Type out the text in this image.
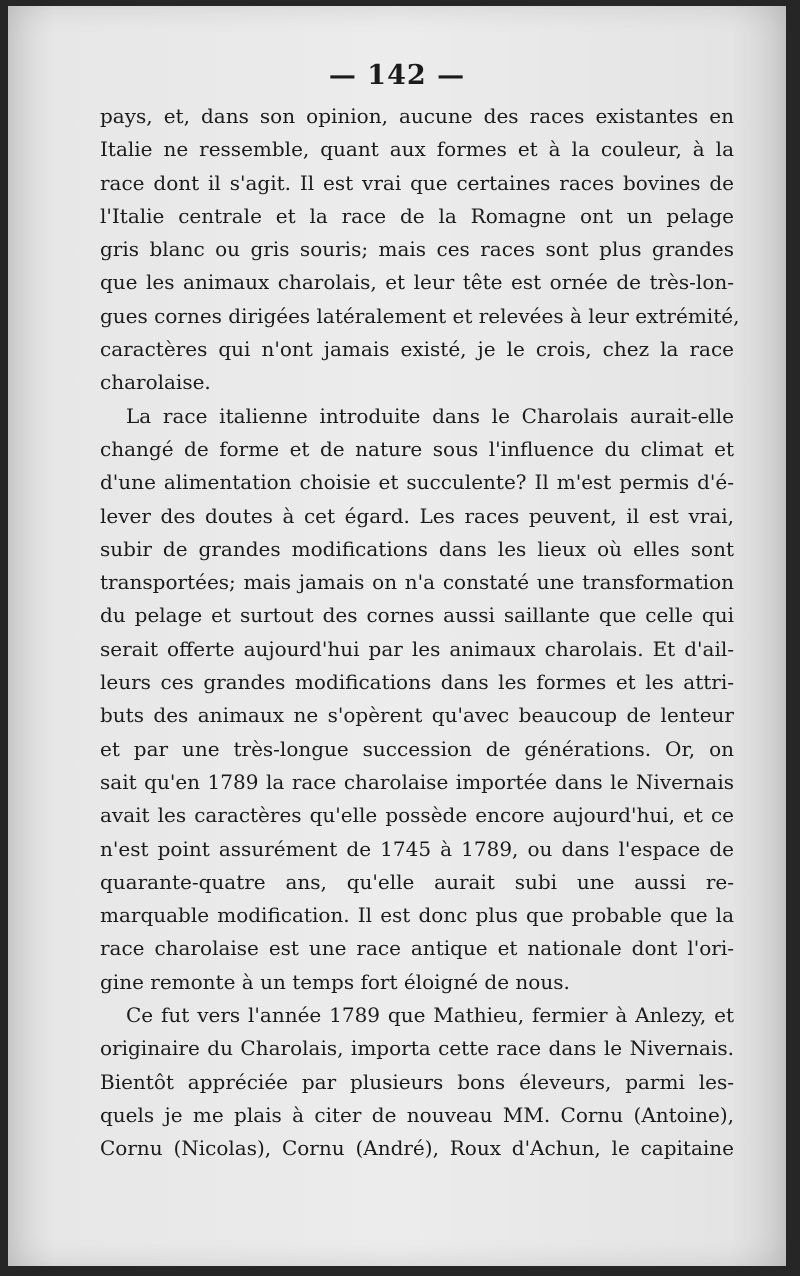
— 142 —
pays, et, dans son opinion, aucune des races existantes en
Italie ne ressemble, quant aux formes et à la couleur, à la
race dont il s'agit. Il est vrai que certaines races bovines de
l'Italie centrale et la race de la Romagne ont un pelage
gris blanc ou gris souris; mais ces races sont plus grandes
que les animaux charolais, et leur tête est ornée de très-lon-
gues cornes dirigées latéralement et relevées à leur extrémité,
caractères qui n'ont jamais existé, je le crois, chez la race
charolaise.
La race italienne introduite dans le Charolais aurait-elle
changé de forme et de nature sous l'influence du climat et
d'une alimentation choisie et succulente? Il m'est permis d'é-
lever des doutes à cet égard. Les races peuvent, il est vrai,
subir de grandes modifications dans les lieux où elles sont
transportées; mais jamais on n'a constaté une transformation
du pelage et surtout des cornes aussi saillante que celle qui
serait offerte aujourd'hui par les animaux charolais. Et d'ail-
leurs ces grandes modifications dans les formes et les attri-
buts des animaux ne s'opèrent qu'avec beaucoup de lenteur
et par une très-longue succession de générations. Or, on
sait qu'en 1789 la race charolaise importée dans le Nivernais
avait les caractères qu'elle possède encore aujourd'hui, et ce
n'est point assurément de 1745 à 1789, ou dans l'espace de
quarante-quatre ans, qu'elle aurait subi une aussi re-
marquable modification. Il est donc plus que probable que la
race charolaise est une race antique et nationale dont l'ori-
gine remonte à un temps fort éloigné de nous.
Ce fut vers l'année 1789 que Mathieu, fermier à Anlezy, et
originaire du Charolais, importa cette race dans le Nivernais.
Bientôt appréciée par plusieurs bons éleveurs, parmi les-
quels je me plais à citer de nouveau MM. Cornu (Antoine),
Cornu (Nicolas), Cornu (André), Roux d'Achun, le capitaine
